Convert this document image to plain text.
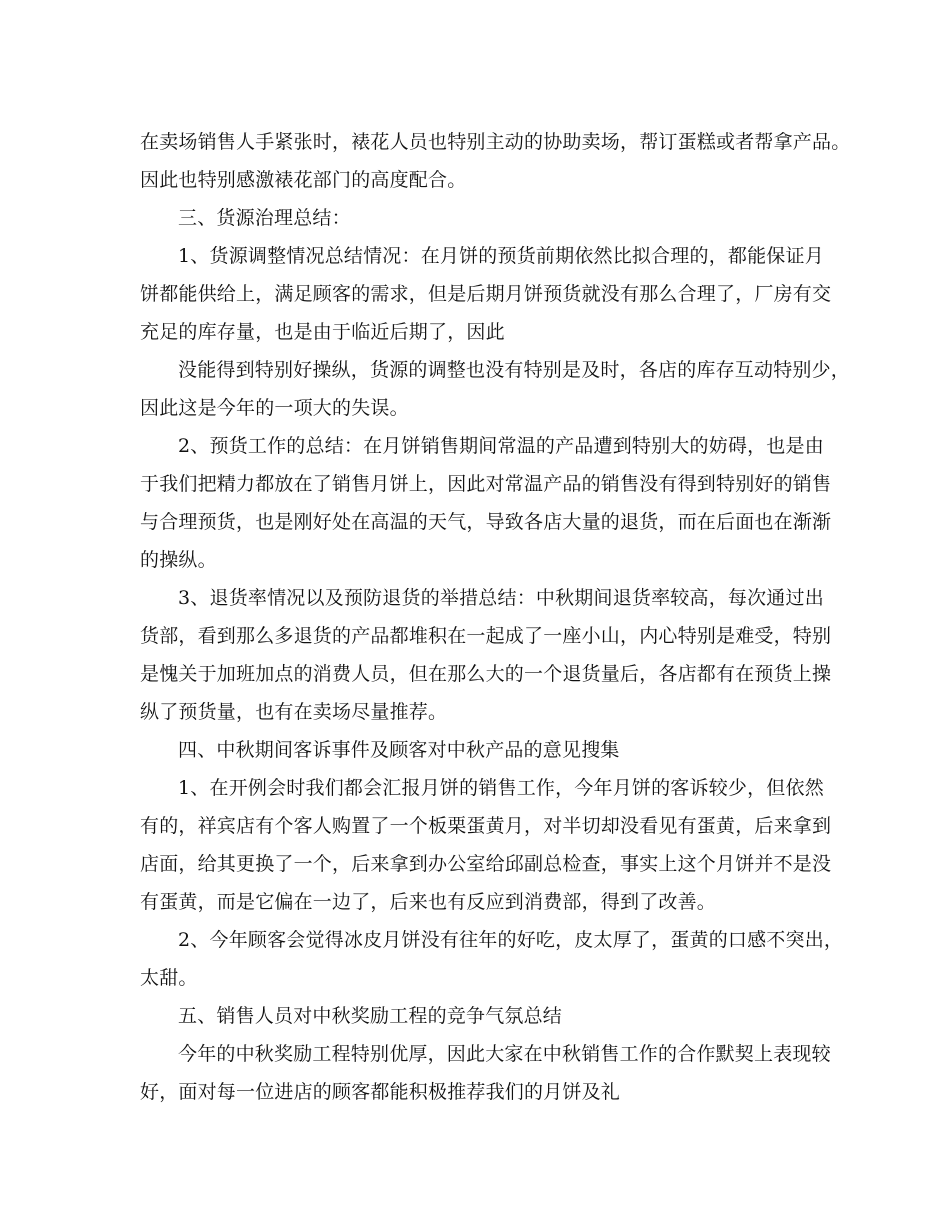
在卖场销售人手紧张时，裱花人员也特别主动的协助卖场，帮订蛋糕或者帮拿产品。
因此也特别感激裱花部门的高度配合。
三、货源治理总结：
1、货源调整情况总结情况：在月饼的预货前期依然比拟合理的，都能保证月
饼都能供给上，满足顾客的需求，但是后期月饼预货就没有那么合理了，厂房有交
充足的库存量，也是由于临近后期了，因此
没能得到特别好操纵，货源的调整也没有特别是及时，各店的库存互动特别少，
因此这是今年的一项大的失误。
2、预货工作的总结：在月饼销售期间常温的产品遭到特别大的妨碍，也是由
于我们把精力都放在了销售月饼上，因此对常温产品的销售没有得到特别好的销售
与合理预货，也是刚好处在高温的天气，导致各店大量的退货，而在后面也在渐渐
的操纵。
3、退货率情况以及预防退货的举措总结：中秋期间退货率较高，每次通过出
货部，看到那么多退货的产品都堆积在一起成了一座小山，内心特别是难受，特别
是愧关于加班加点的消费人员，但在那么大的一个退货量后，各店都有在预货上操
纵了预货量，也有在卖场尽量推荐。
四、中秋期间客诉事件及顾客对中秋产品的意见搜集
1、在开例会时我们都会汇报月饼的销售工作，今年月饼的客诉较少，但依然
有的，祥宾店有个客人购置了一个板栗蛋黄月，对半切却没看见有蛋黄，后来拿到
店面，给其更换了一个，后来拿到办公室给邱副总检查，事实上这个月饼并不是没
有蛋黄，而是它偏在一边了，后来也有反应到消费部，得到了改善。
2、今年顾客会觉得冰皮月饼没有往年的好吃，皮太厚了，蛋黄的口感不突出，
太甜。
五、销售人员对中秋奖励工程的竞争气氛总结
今年的中秋奖励工程特别优厚，因此大家在中秋销售工作的合作默契上表现较
好，面对每一位进店的顾客都能积极推荐我们的月饼及礼
